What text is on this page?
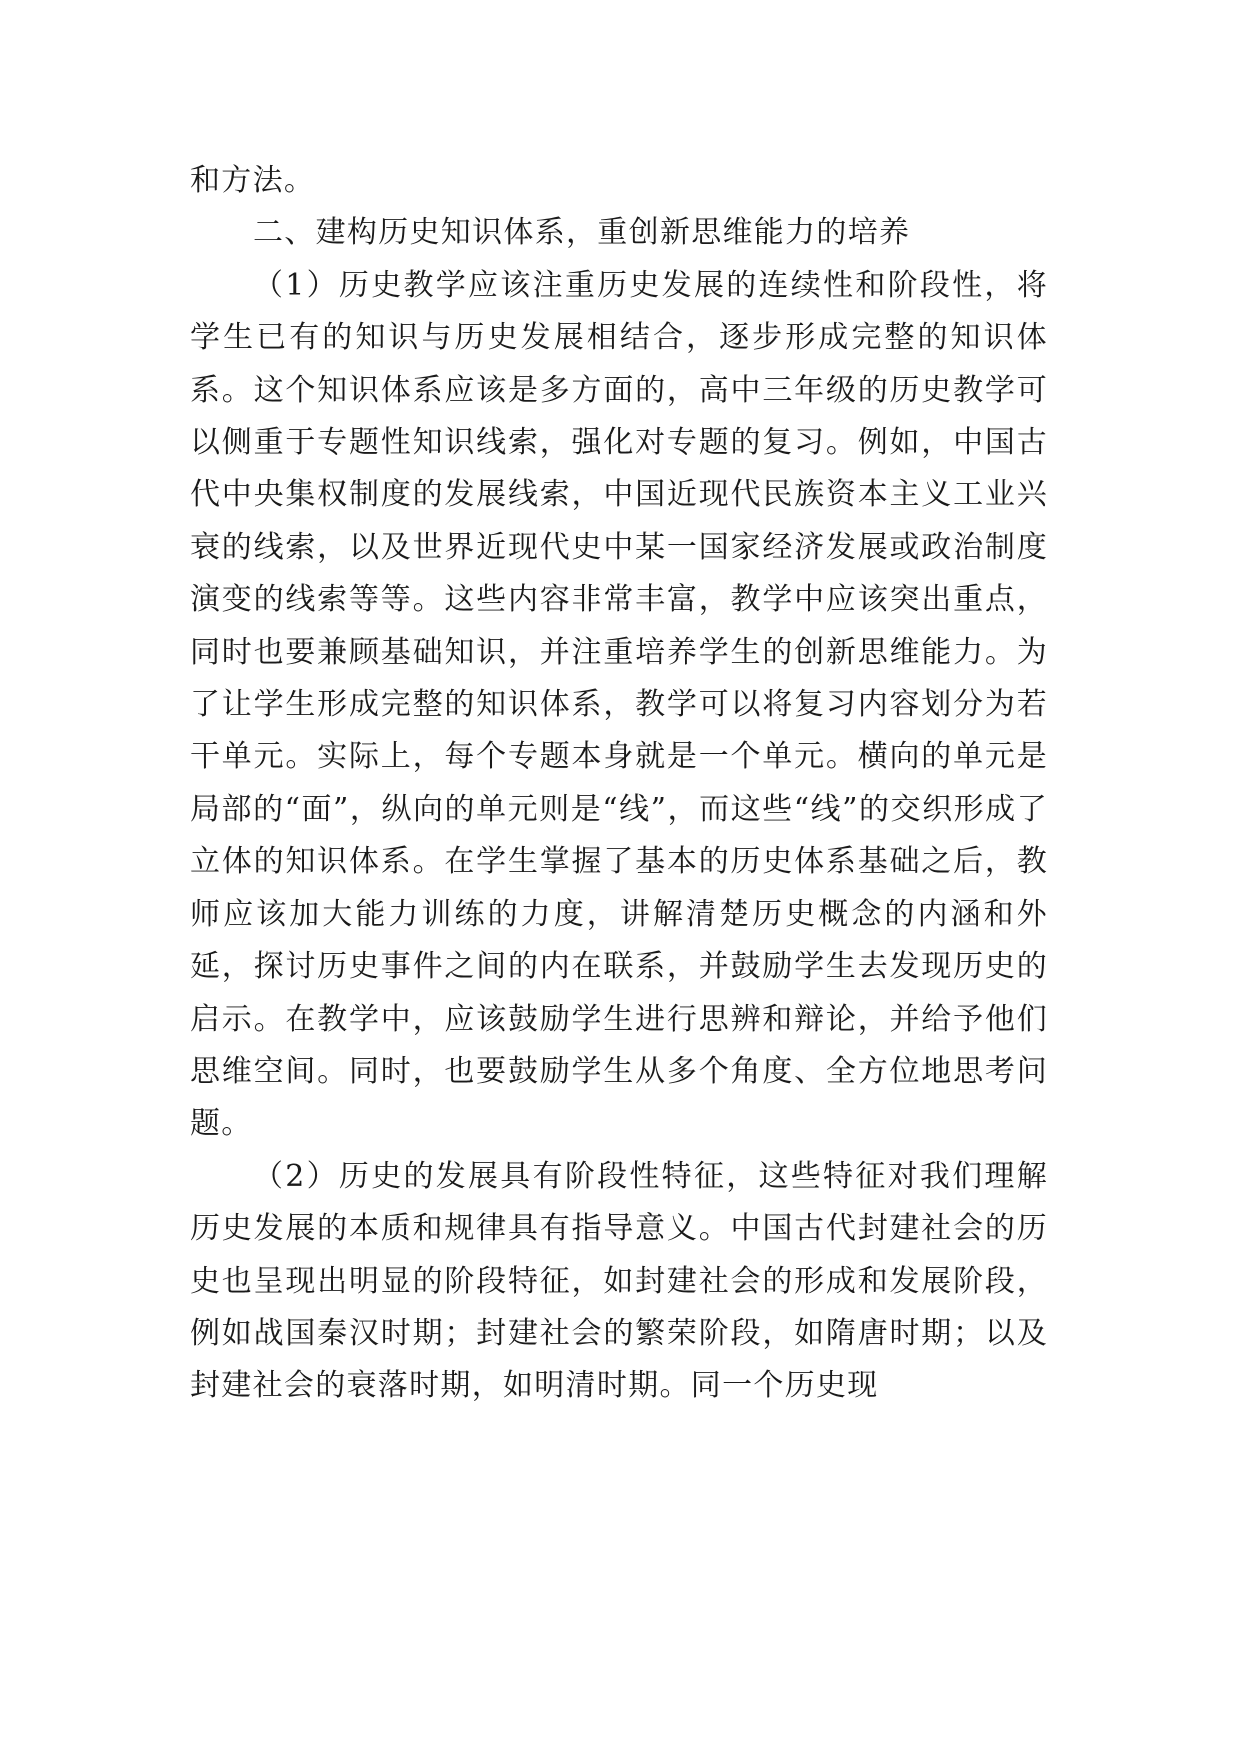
和方法。

二、建构历史知识体系，重创新思维能力的培养

（1）历史教学应该注重历史发展的连续性和阶段性，将学生已有的知识与历史发展相结合，逐步形成完整的知识体系。这个知识体系应该是多方面的，高中三年级的历史教学可以侧重于专题性知识线索，强化对专题的复习。例如，中国古代中央集权制度的发展线索，中国近现代民族资本主义工业兴衰的线索，以及世界近现代史中某一国家经济发展或政治制度演变的线索等等。这些内容非常丰富，教学中应该突出重点，同时也要兼顾基础知识，并注重培养学生的创新思维能力。为了让学生形成完整的知识体系，教学可以将复习内容划分为若干单元。实际上，每个专题本身就是一个单元。横向的单元是局部的“面”，纵向的单元则是“线”，而这些“线”的交织形成了立体的知识体系。在学生掌握了基本的历史体系基础之后，教师应该加大能力训练的力度，讲解清楚历史概念的内涵和外延，探讨历史事件之间的内在联系，并鼓励学生去发现历史的启示。在教学中，应该鼓励学生进行思辨和辩论，并给予他们思维空间。同时，也要鼓励学生从多个角度、全方位地思考问题。

（2）历史的发展具有阶段性特征，这些特征对我们理解历史发展的本质和规律具有指导意义。中国古代封建社会的历史也呈现出明显的阶段特征，如封建社会的形成和发展阶段，例如战国秦汉时期；封建社会的繁荣阶段，如隋唐时期；以及封建社会的衰落时期，如明清时期。同一个历史现
